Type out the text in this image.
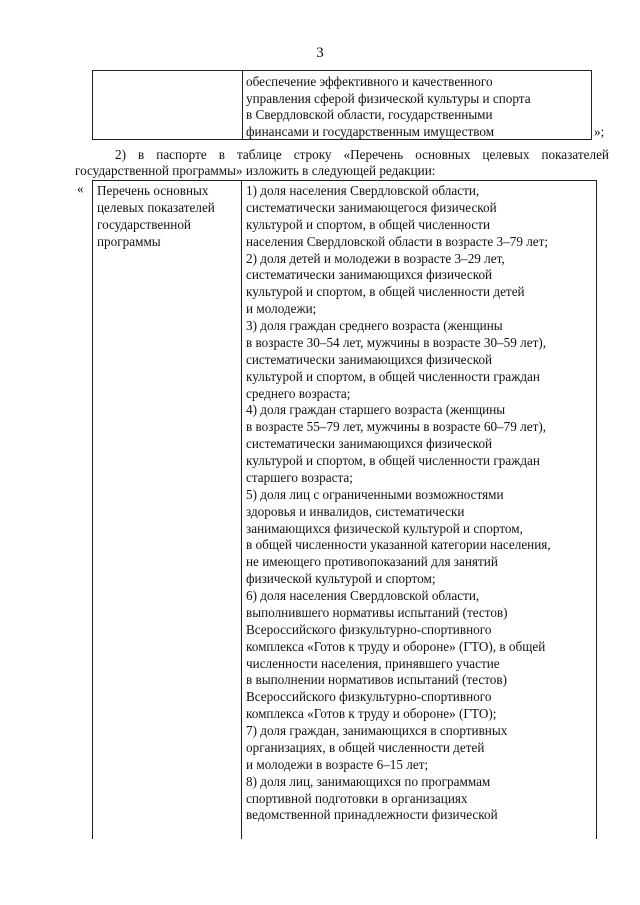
3
обеспечение эффективного и качественного
управления сферой физической культуры и спорта
в Свердловской области, государственными
финансами и государственным имуществом	»;
2) в паспорте в таблице строку «Перечень основных целевых показателей
государственной программы» изложить в следующей редакции:
« Перечень основных
целевых показателей
государственной
программы
1) доля населения Свердловской области,
систематически занимающегося физической
культурой и спортом, в общей численности
населения Свердловской области в возрасте 3–79 лет;
2) доля детей и молодежи в возрасте 3–29 лет,
систематически занимающихся физической
культурой и спортом, в общей численности детей
и молодежи;
3) доля граждан среднего возраста (женщины
в возрасте 30–54 лет, мужчины в возрасте 30–59 лет),
систематически занимающихся физической
культурой и спортом, в общей численности граждан
среднего возраста;
4) доля граждан старшего возраста (женщины
в возрасте 55–79 лет, мужчины в возрасте 60–79 лет),
систематически занимающихся физической
культурой и спортом, в общей численности граждан
старшего возраста;
5) доля лиц с ограниченными возможностями
здоровья и инвалидов, систематически
занимающихся физической культурой и спортом,
в общей численности указанной категории населения,
не имеющего противопоказаний для занятий
физической культурой и спортом;
6) доля населения Свердловской области,
выполнившего нормативы испытаний (тестов)
Всероссийского физкультурно-спортивного
комплекса «Готов к труду и обороне» (ГТО), в общей
численности населения, принявшего участие
в выполнении нормативов испытаний (тестов)
Всероссийского физкультурно-спортивного
комплекса «Готов к труду и обороне» (ГТО);
7) доля граждан, занимающихся в спортивных
организациях, в общей численности детей
и молодежи в возрасте 6–15 лет;
8) доля лиц, занимающихся по программам
спортивной подготовки в организациях
ведомственной принадлежности физической
